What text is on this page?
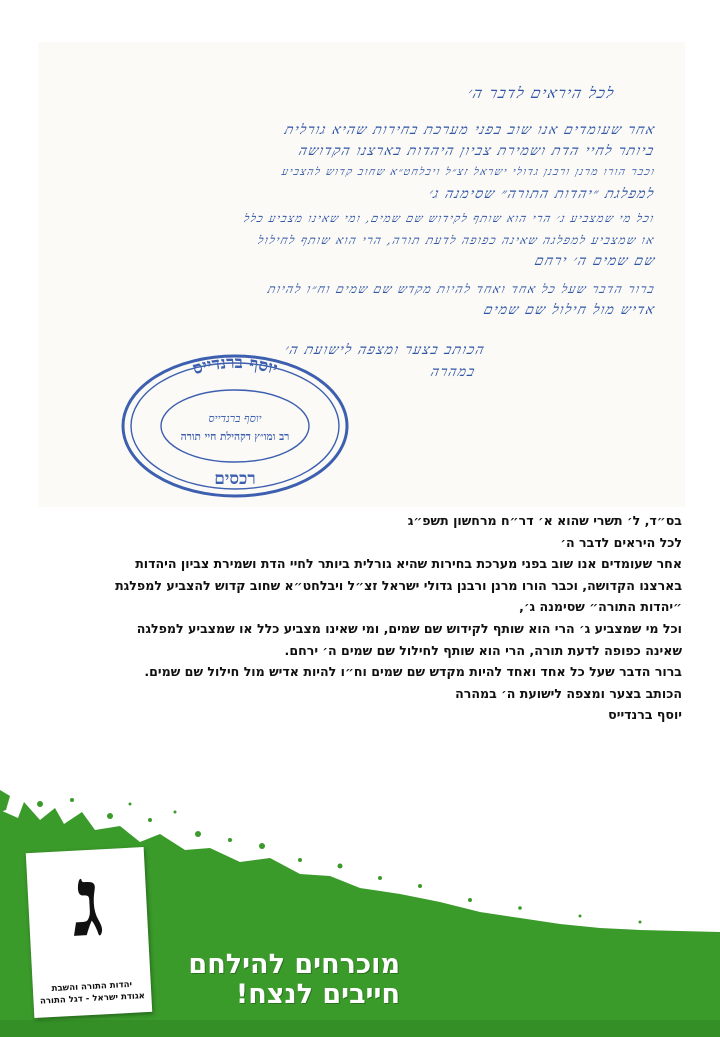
לכל היראים לדבר ה׳
אחר שעומדים אנו שוב בפני מערכת בחירות שהיא גורלית
ביותר לחיי הדת ושמירת צביון היהדות בארצנו הקדושה
וכבר הורו מרנן ורבנן גדולי ישראל זצ״ל ויבלחט״א שחוב קדוש להצביע
למפלגת ״יהדות התורה״ שסימנה ג׳
וכל מי שמצביע ג׳ הרי הוא שותף לקידוש שם שמים, ומי שאינו מצביע כלל
או שמצביע למפלגה שאינה כפופה לדעת תורה, הרי הוא שותף לחילול
שם שמים ה׳ ירחם
ברור הדבר שעל כל אחד ואחד להיות מקדש שם שמים וח״ו להיות
אדיש מול חילול שם שמים
הכותב בצער ומצפה לישועת ה׳
במהרה
יוסף ברנדייס
יוסף ברנדייס
רב ומו״ץ דקהילת חיי תורה
רכסים
בס״ד, ל׳ תשרי שהוא א׳ דר״ח מרחשון תשפ״ג
לכל היראים לדבר ה׳
אחר שעומדים אנו שוב בפני מערכת בחירות שהיא גורלית ביותר לחיי הדת ושמירת צביון היהדות
בארצנו הקדושה, וכבר הורו מרנן ורבנן גדולי ישראל זצ״ל ויבלחט״א שחוב קדוש להצביע למפלגת
״יהדות התורה״ שסימנה ג׳,
וכל מי שמצביע ג׳ הרי הוא שותף לקידוש שם שמים, ומי שאינו מצביע כלל או שמצביע למפלגה
שאינה כפופה לדעת תורה, הרי הוא שותף לחילול שם שמים ה׳ ירחם.
ברור הדבר שעל כל אחד ואחד להיות מקדש שם שמים וח״ו להיות אדיש מול חילול שם שמים.
הכותב בצער ומצפה לישועת ה׳ במהרה
יוסף ברנדייס
ג
יהדות התורה והשבת
אגודת ישראל - דגל התורה
מוכרחים להילחם
חייבים לנצח!
